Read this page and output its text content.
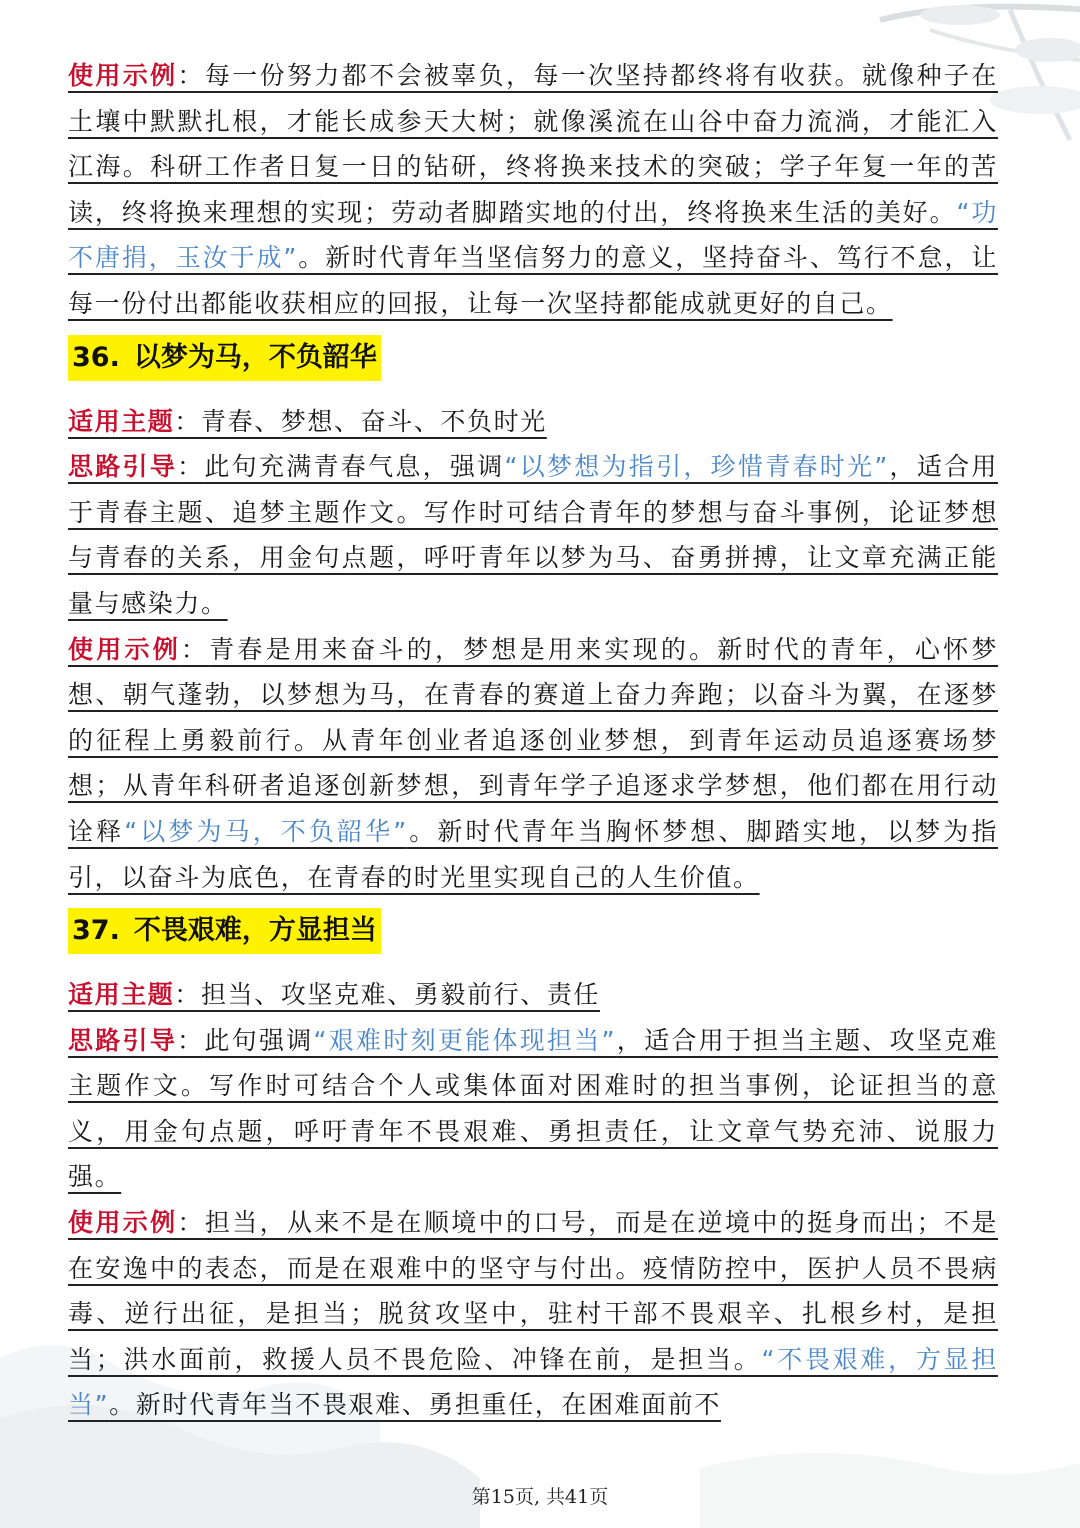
使用示例：每一份努力都不会被辜负，每一次坚持都终将有收获。就像种子在土壤中默默扎根，才能长成参天大树；就像溪流在山谷中奋力流淌，才能汇入江海。科研工作者日复一日的钻研，终将换来技术的突破；学子年复一年的苦读，终将换来理想的实现；劳动者脚踏实地的付出，终将换来生活的美好。“功不唐捐，玉汝于成”。新时代青年当坚信努力的意义，坚持奋斗、笃行不怠，让每一份付出都能收获相应的回报，让每一次坚持都能成就更好的自己。

36. 以梦为马，不负韶华

适用主题：青春、梦想、奋斗、不负时光

思路引导：此句充满青春气息，强调“以梦想为指引，珍惜青春时光”，适合用于青春主题、追梦主题作文。写作时可结合青年的梦想与奋斗事例，论证梦想与青春的关系，用金句点题，呼吁青年以梦为马、奋勇拼搏，让文章充满正能量与感染力。

使用示例：青春是用来奋斗的，梦想是用来实现的。新时代的青年，心怀梦想、朝气蓬勃，以梦想为马，在青春的赛道上奋力奔跑；以奋斗为翼，在逐梦的征程上勇毅前行。从青年创业者追逐创业梦想，到青年运动员追逐赛场梦想；从青年科研者追逐创新梦想，到青年学子追逐求学梦想，他们都在用行动诠释“以梦为马，不负韶华”。新时代青年当胸怀梦想、脚踏实地，以梦为指引，以奋斗为底色，在青春的时光里实现自己的人生价值。

37. 不畏艰难，方显担当

适用主题：担当、攻坚克难、勇毅前行、责任

思路引导：此句强调“艰难时刻更能体现担当”，适合用于担当主题、攻坚克难主题作文。写作时可结合个人或集体面对困难时的担当事例，论证担当的意义，用金句点题，呼吁青年不畏艰难、勇担责任，让文章气势充沛、说服力强。

使用示例：担当，从来不是在顺境中的口号，而是在逆境中的挺身而出；不是在安逸中的表态，而是在艰难中的坚守与付出。疫情防控中，医护人员不畏病毒、逆行出征，是担当；脱贫攻坚中，驻村干部不畏艰辛、扎根乡村，是担当；洪水面前，救援人员不畏危险、冲锋在前，是担当。“不畏艰难，方显担当”。新时代青年当不畏艰难、勇担重任，在困难面前不

第15页, 共41页
